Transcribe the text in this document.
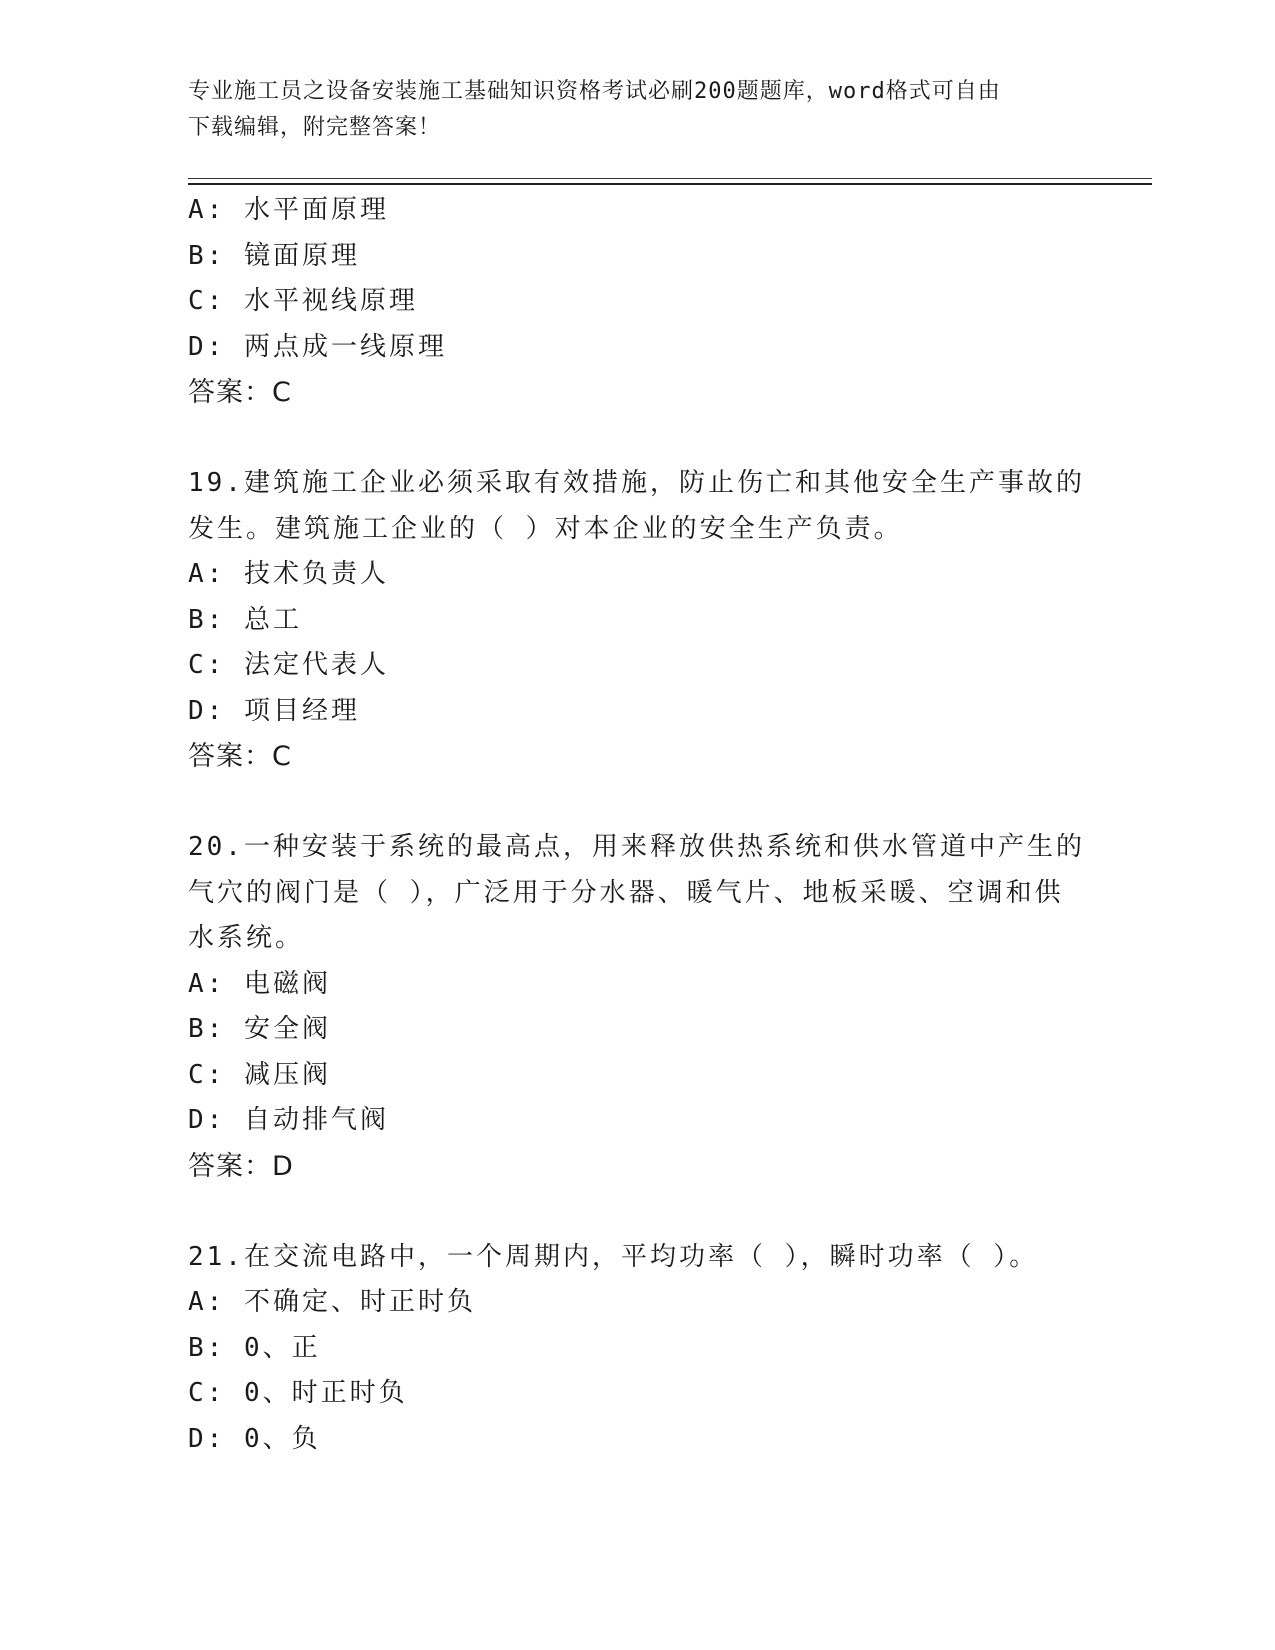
专业施工员之设备安装施工基础知识资格考试必刷200题题库，word格式可自由
下载编辑，附完整答案！
A: 水平面原理
B: 镜面原理
C: 水平视线原理
D: 两点成一线原理
答案：C
19.建筑施工企业必须采取有效措施，防止伤亡和其他安全生产事故的
发生。建筑施工企业的（ ）对本企业的安全生产负责。
A: 技术负责人
B: 总工
C: 法定代表人
D: 项目经理
答案：C
20.一种安装于系统的最高点，用来释放供热系统和供水管道中产生的
气穴的阀门是（ ），广泛用于分水器、暖气片、地板采暖、空调和供
水系统。
A: 电磁阀
B: 安全阀
C: 减压阀
D: 自动排气阀
答案：D
21.在交流电路中，一个周期内，平均功率（ ），瞬时功率（ ）。
A: 不确定、时正时负
B: 0、正
C: 0、时正时负
D: 0、负
